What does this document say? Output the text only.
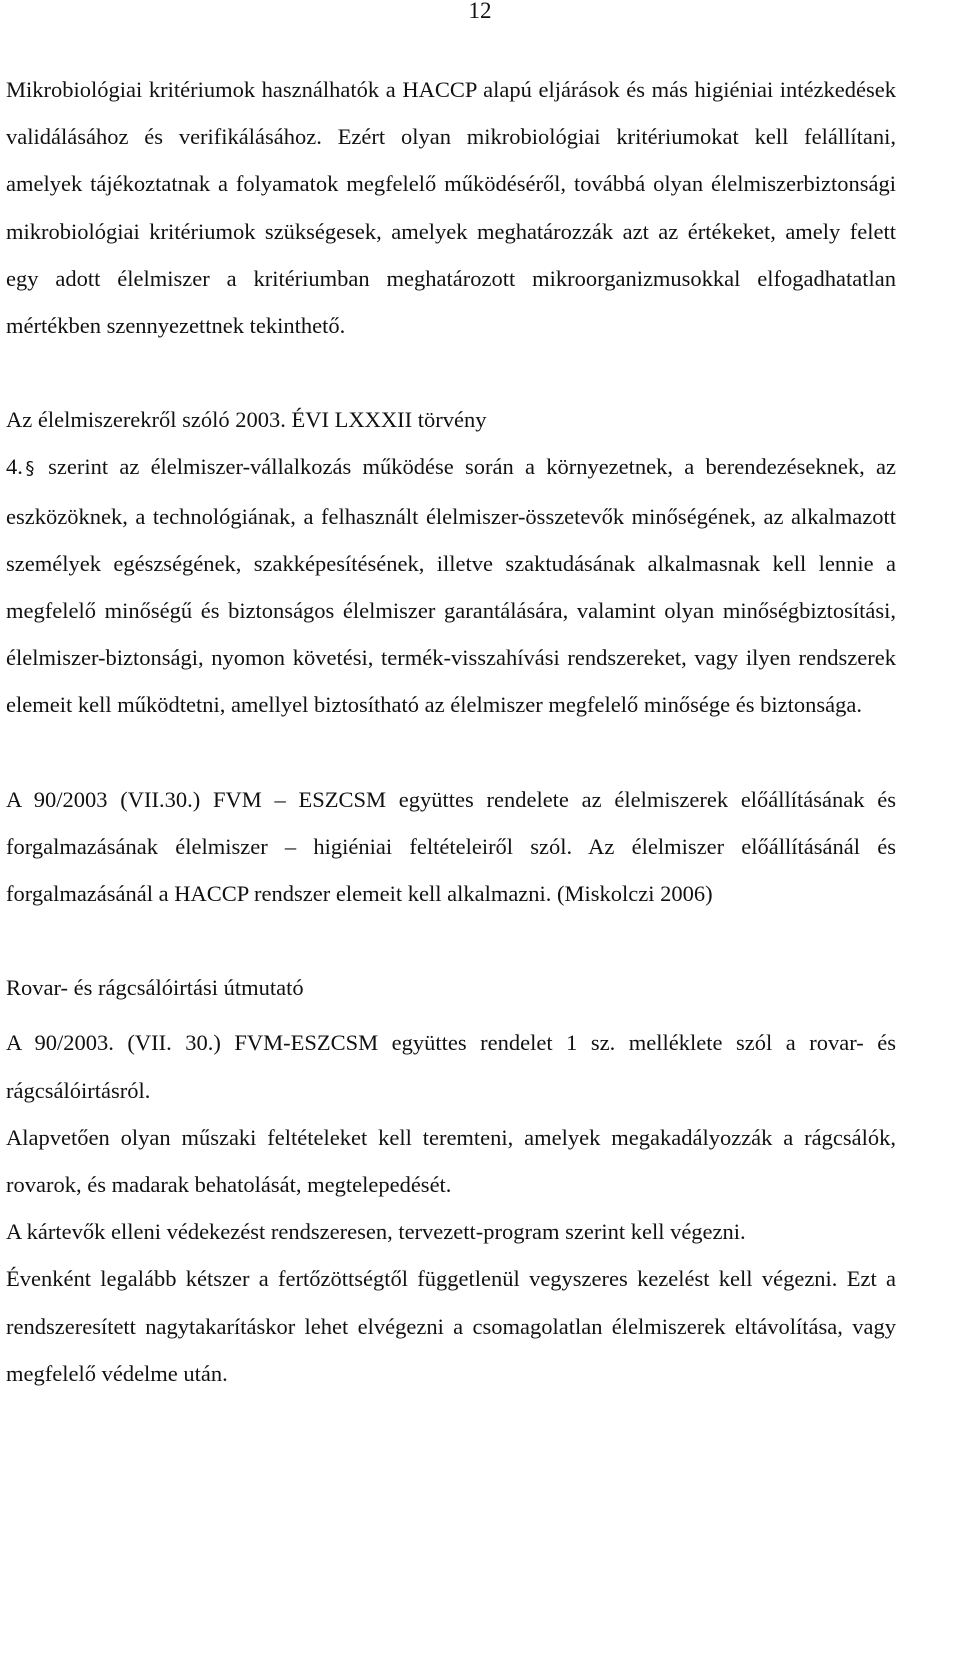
12

Mikrobiológiai kritériumok használhatók a HACCP alapú eljárások és más higiéniai intézkedések validálásához és verifikálásához. Ezért olyan mikrobiológiai kritériumokat kell felállítani, amelyek tájékoztatnak a folyamatok megfelelő működéséről, továbbá olyan élelmiszerbiztonsági mikrobiológiai kritériumok szükségesek, amelyek meghatározzák azt az értékeket, amely felett egy adott élelmiszer a kritériumban meghatározott mikroorganizmusokkal elfogadhatatlan mértékben szennyezettnek tekinthető.

Az élelmiszerekről szóló 2003. ÉVI LXXXII törvény

4. § szerint az élelmiszer-vállalkozás működése során a környezetnek, a berendezéseknek, az eszközöknek, a technológiának, a felhasznált élelmiszer-összetevők minőségének, az alkalmazott személyek egészségének, szakképesítésének, illetve szaktudásának alkalmasnak kell lennie a megfelelő minőségű és biztonságos élelmiszer garantálására, valamint olyan minőségbiztosítási, élelmiszer-biztonsági, nyomon követési, termék-visszahívási rendszereket, vagy ilyen rendszerek elemeit kell működtetni, amellyel biztosítható az élelmiszer megfelelő minősége és biztonsága.

A 90/2003 (VII.30.) FVM – ESZCSM együttes rendelete az élelmiszerek előállításának és forgalmazásának élelmiszer – higiéniai feltételeiről szól. Az élelmiszer előállításánál és forgalmazásánál a HACCP rendszer elemeit kell alkalmazni. (Miskolczi 2006)

Rovar- és rágcsálóirtási útmutató

A 90/2003. (VII. 30.) FVM-ESZCSM együttes rendelet 1 sz. melléklete szól a rovar- és rágcsálóirtásról.

Alapvetően olyan műszaki feltételeket kell teremteni, amelyek megakadályozzák a rágcsálók, rovarok, és madarak behatolását, megtelepedését.

A kártevők elleni védekezést rendszeresen, tervezett-program szerint kell végezni.

Évenként legalább kétszer a fertőzöttségtől függetlenül vegyszeres kezelést kell végezni. Ezt a rendszeresített nagytakarításkor lehet elvégezni a csomagolatlan élelmiszerek eltávolítása, vagy megfelelő védelme után.
